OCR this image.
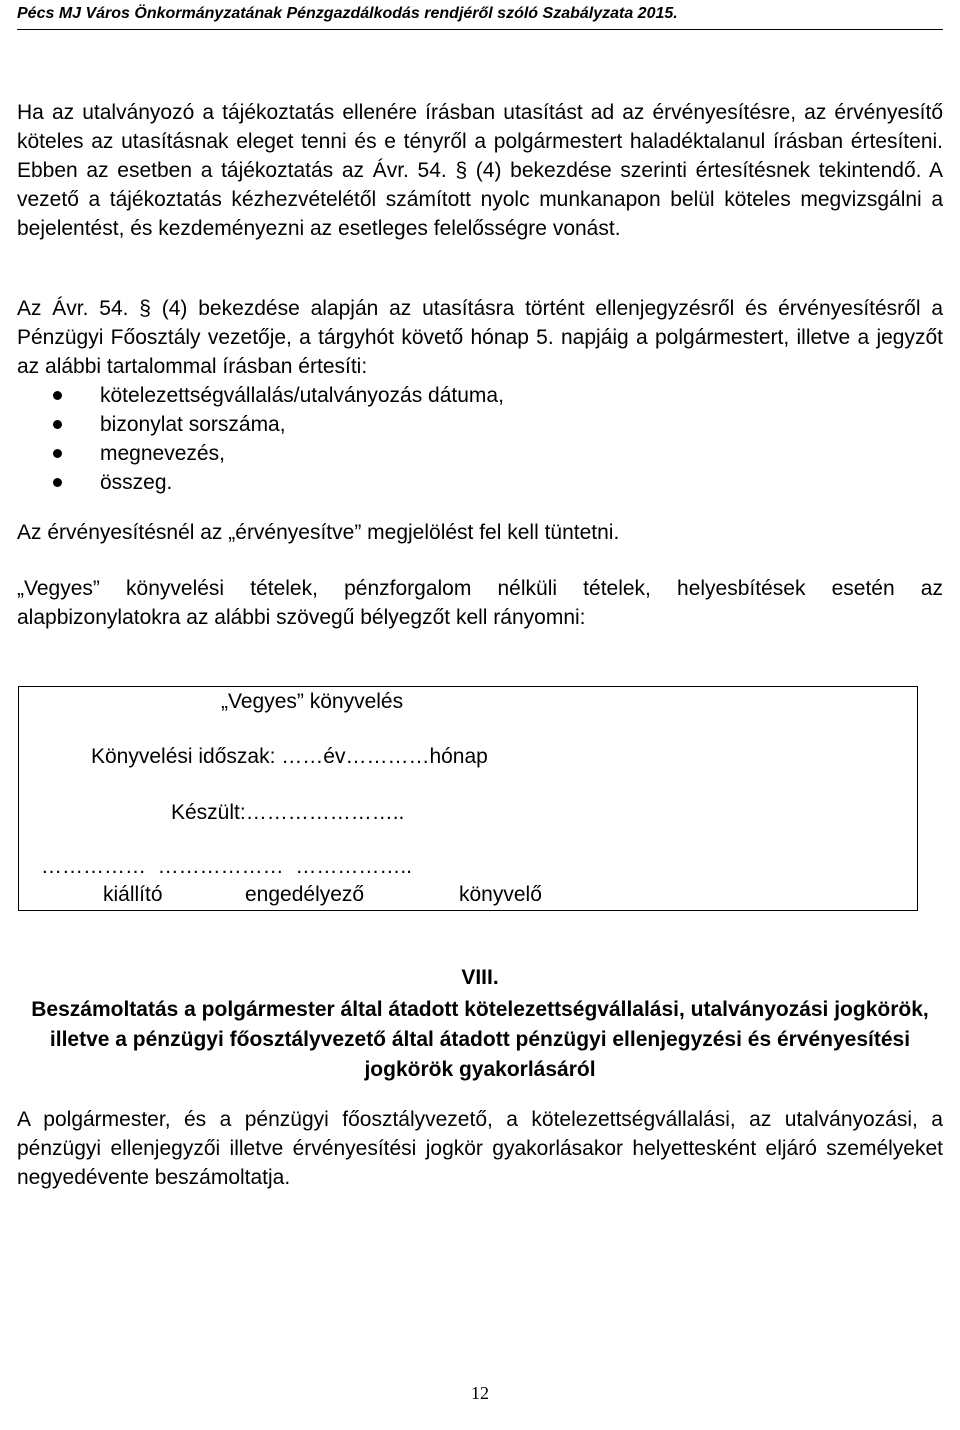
Pécs MJ Város Önkormányzatának Pénzgazdálkodás rendjéről szóló Szabályzata 2015.
Ha az utalványozó a tájékoztatás ellenére írásban utasítást ad az érvényesítésre, az érvényesítő köteles az utasításnak eleget tenni és e tényről a polgármestert haladéktalanul írásban értesíteni. Ebben az esetben a tájékoztatás az Ávr. 54. § (4) bekezdése szerinti értesítésnek tekintendő. A vezető a tájékoztatás kézhezvételétől számított nyolc munkanapon belül köteles megvizsgálni a bejelentést, és kezdeményezni az esetleges felelősségre vonást.
Az Ávr. 54. § (4) bekezdése alapján az utasításra történt ellenjegyzésről és érvényesítésről a Pénzügyi Főosztály vezetője, a tárgyhót követő hónap 5. napjáig a polgármestert, illetve a jegyzőt az alábbi tartalommal írásban értesíti:
kötelezettségvállalás/utalványozás dátuma,
bizonylat sorszáma,
megnevezés,
összeg.
Az érvényesítésnél az „érvényesítve” megjelölést fel kell tüntetni.
„Vegyes” könyvelési tételek, pénzforgalom nélküli tételek, helyesbítések esetén az alapbizonylatokra az alábbi szövegű bélyegzőt kell rányomni:
„Vegyes” könyvelés
Könyvelési időszak: ……év…………hónap
Készült:…………………..
……………  ………………  ……………..
kiállító	engedélyező	könyvelő
VIII.
Beszámoltatás a polgármester által átadott kötelezettségvállalási, utalványozási jogkörök, illetve a pénzügyi főosztályvezető által átadott pénzügyi ellenjegyzési és érvényesítési jogkörök gyakorlásáról
A polgármester, és a pénzügyi főosztályvezető, a kötelezettségvállalási, az utalványozási, a pénzügyi ellenjegyzői illetve érvényesítési jogkör gyakorlásakor helyettesként eljáró személyeket negyedévente beszámoltatja.
12
